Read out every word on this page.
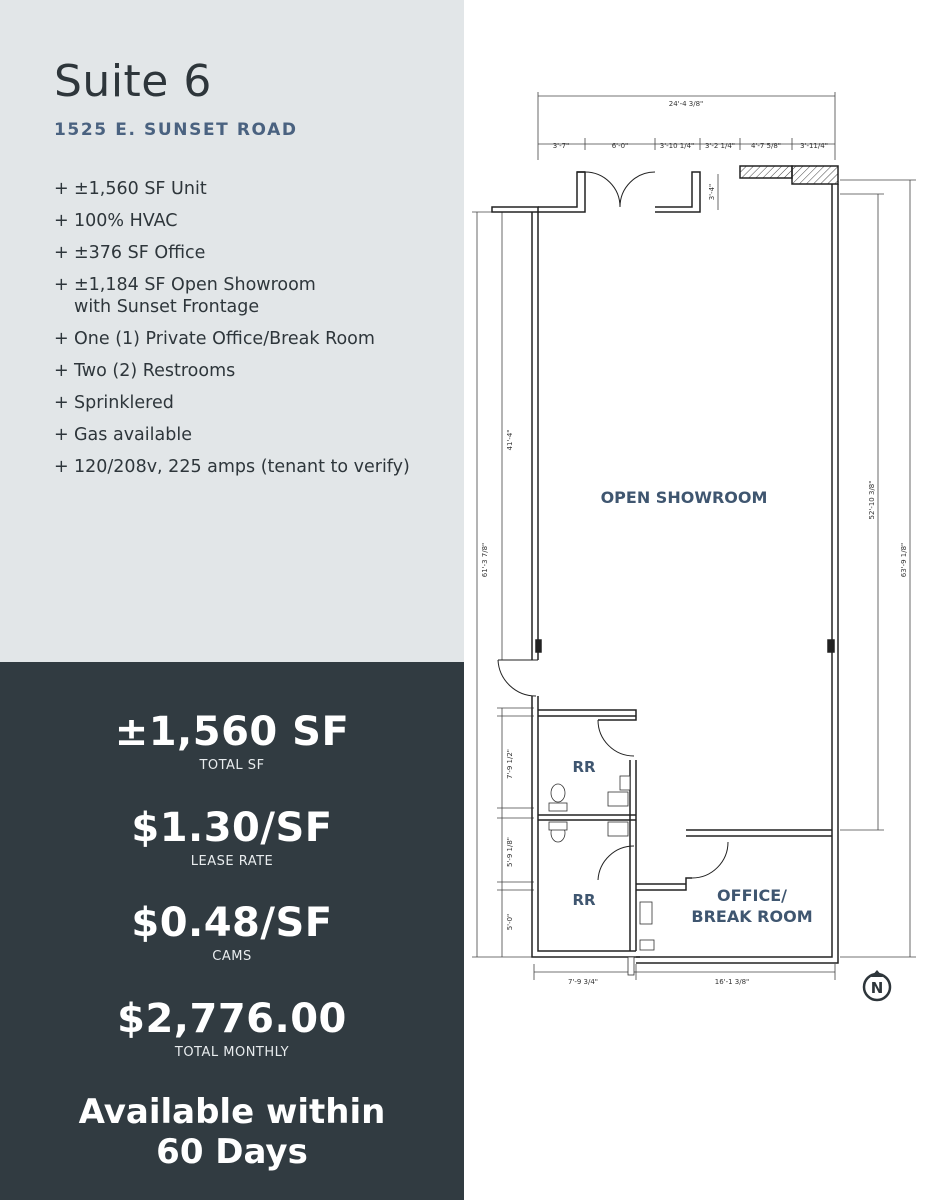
Suite 6
1525 E. SUNSET ROAD
+ ±1,560 SF Unit
+ 100% HVAC
+ ±376 SF Office
+ ±1,184 SF Open Showroom
with Sunset Frontage
+ One (1) Private Office/Break Room
+ Two (2) Restrooms
+ Sprinklered
+ Gas available
+ 120/208v, 225 amps (tenant to verify)
±1,560 SF
TOTAL SF
$1.30/SF
LEASE RATE
$0.48/SF
CAMS
$2,776.00
TOTAL MONTHLY
Available within
60 Days
24'-4 3/8"
3'-7"	6'-0"	3'-10 1/4" 3'-2 1/4" 4'-7 5/8"	3'-11/4"
3'-4"
41'-4"
61'-3 7/8"
52'-10 3/8"
63'-9 1/8"
7'-9 1/2"
5'-9 1/8"
5'-0"
7'-9 3/4"	16'-1 3/8"
OPEN SHOWROOM
RR
RR	OFFICE/
BREAK ROOM
N
